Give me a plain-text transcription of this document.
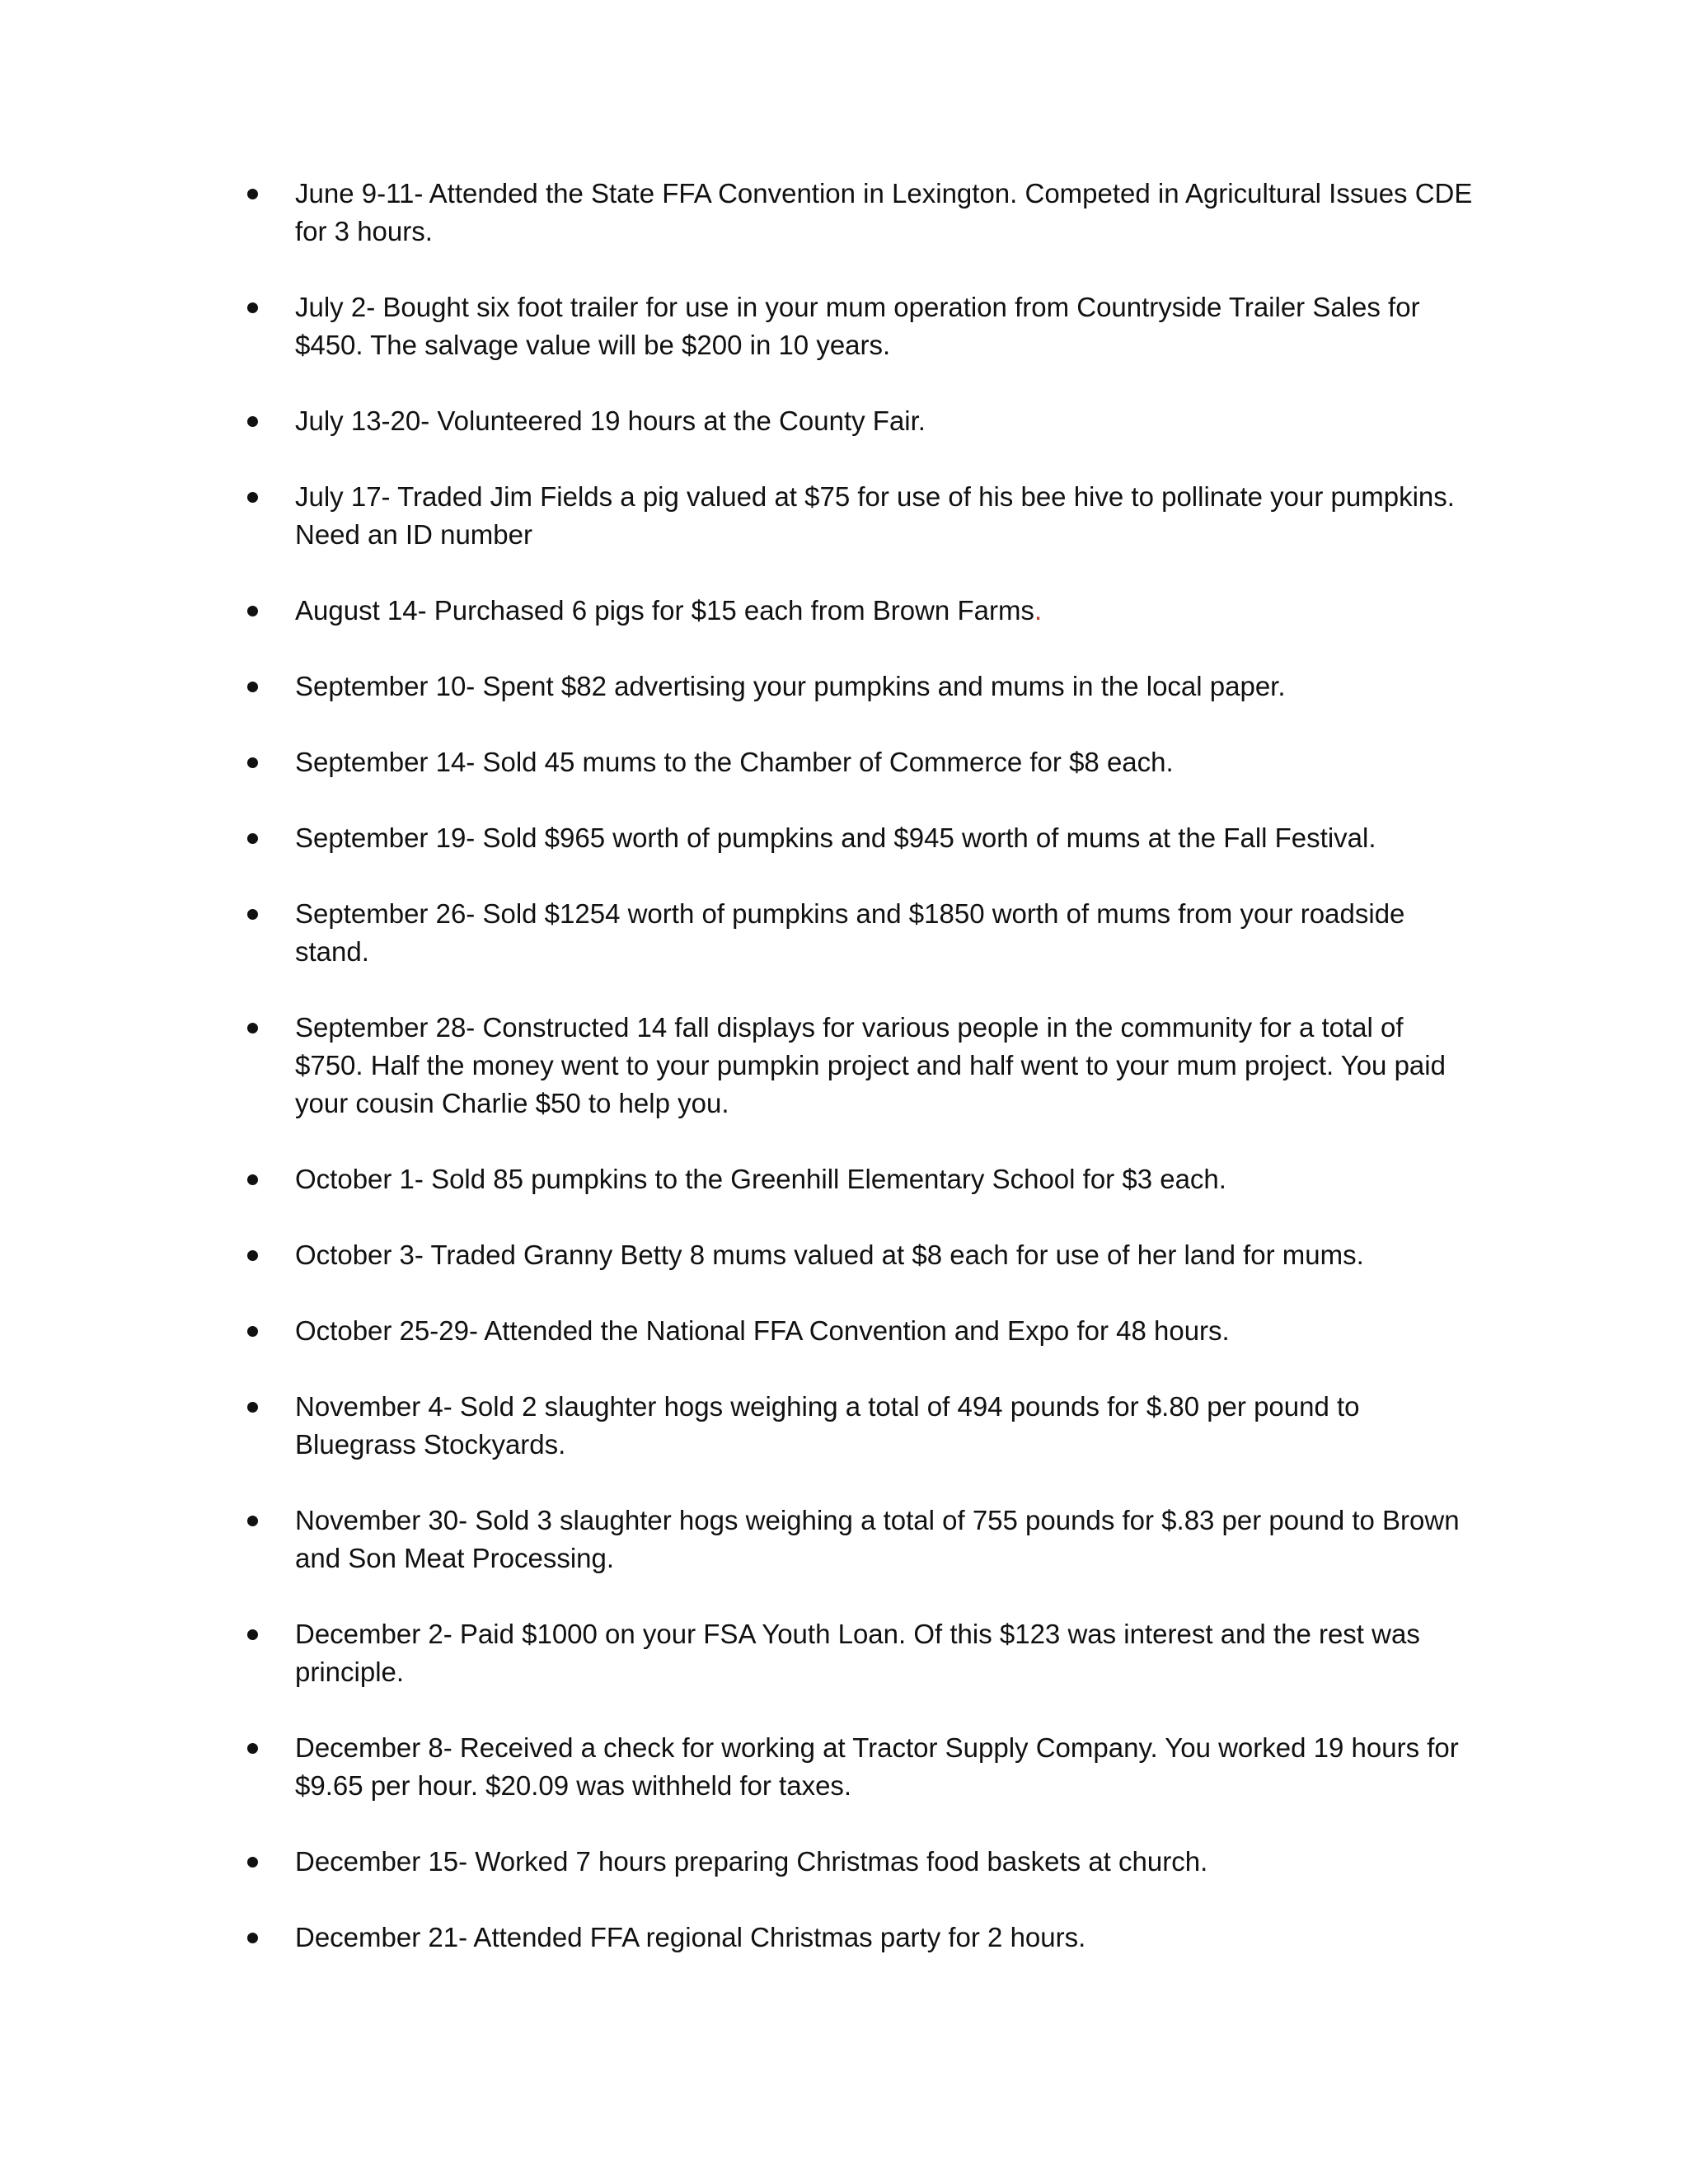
June 9-11- Attended the State FFA Convention in Lexington. Competed in Agricultural Issues CDE for 3 hours.
July 2- Bought six foot trailer for use in your mum operation from Countryside Trailer Sales for $450. The salvage value will be $200 in 10 years.
July 13-20- Volunteered 19 hours at the County Fair.
July 17- Traded Jim Fields a pig valued at $75 for use of his bee hive to pollinate your pumpkins. Need an ID number
August 14- Purchased 6 pigs for $15 each from Brown Farms.
September 10- Spent $82 advertising your pumpkins and mums in the local paper.
September 14- Sold 45 mums to the Chamber of Commerce for $8 each.
September 19- Sold $965 worth of pumpkins and $945 worth of mums at the Fall Festival.
September 26- Sold $1254 worth of pumpkins and $1850 worth of mums from your roadside stand.
September 28- Constructed 14 fall displays for various people in the community for a total of $750. Half the money went to your pumpkin project and half went to your mum project. You paid your cousin Charlie $50 to help you.
October 1- Sold 85 pumpkins to the Greenhill Elementary School for $3 each.
October 3- Traded Granny Betty 8 mums valued at $8 each for use of her land for mums.
October 25-29- Attended the National FFA Convention and Expo for 48 hours.
November 4- Sold 2 slaughter hogs weighing a total of 494 pounds for $.80 per pound to Bluegrass Stockyards.
November 30- Sold 3 slaughter hogs weighing a total of 755 pounds for $.83 per pound to Brown and Son Meat Processing.
December 2- Paid $1000 on your FSA Youth Loan. Of this $123 was interest and the rest was principle.
December 8- Received a check for working at Tractor Supply Company. You worked 19 hours for $9.65 per hour. $20.09 was withheld for taxes.
December 15- Worked 7 hours preparing Christmas food baskets at church.
December 21- Attended FFA regional Christmas party for 2 hours.
